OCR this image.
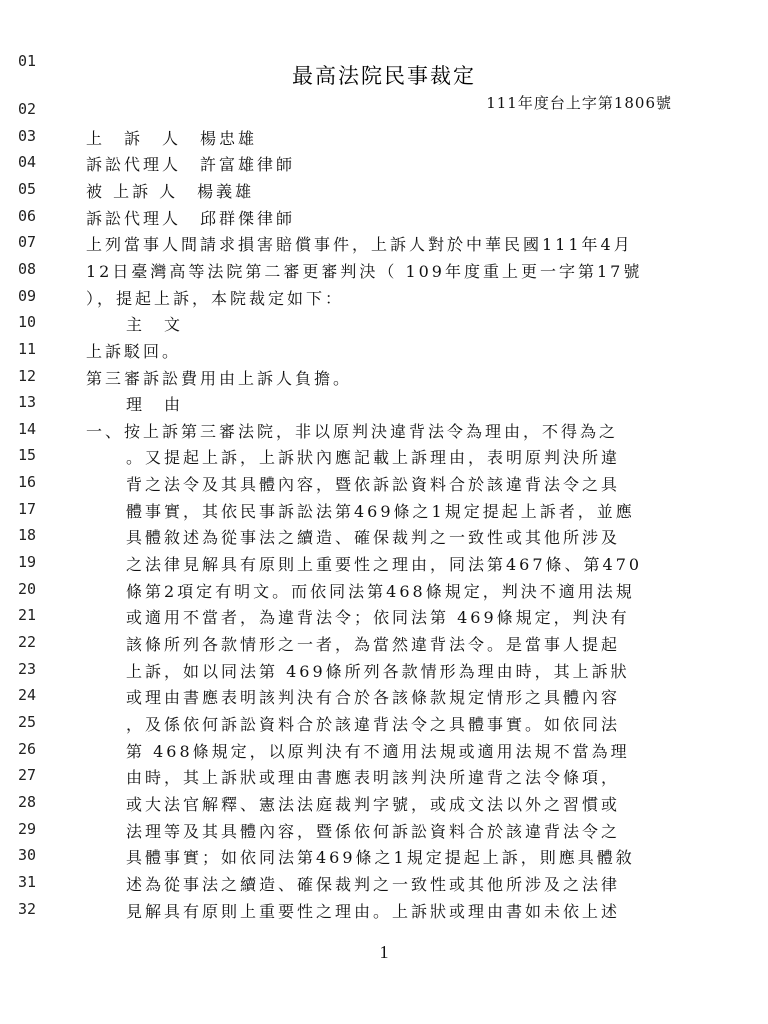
01
02
03
04
05
06
07
08
09
10
11
12
13
14
15
16
17
18
19
20
21
22
23
24
25
26
27
28
29
30
31
32
最高法院民事裁定
111年度台上字第1806號
上　訴　人　楊忠雄
訴訟代理人　許富雄律師
被 上訴 人　楊義雄
訴訟代理人　邱群傑律師
上列當事人間請求損害賠償事件，上訴人對於中華民國111年4月
12日臺灣高等法院第二審更審判決（ 109年度重上更一字第17號
），提起上訴，本院裁定如下：
主　文
上訴駁回。
第三審訴訟費用由上訴人負擔。
理　由
一、按上訴第三審法院，非以原判決違背法令為理由，不得為之
。又提起上訴，上訴狀內應記載上訴理由，表明原判決所違
背之法令及其具體內容，暨依訴訟資料合於該違背法令之具
體事實，其依民事訴訟法第469條之1規定提起上訴者，並應
具體敘述為從事法之續造、確保裁判之一致性或其他所涉及
之法律見解具有原則上重要性之理由，同法第467條、第470
條第2項定有明文。而依同法第468條規定，判決不適用法規
或適用不當者，為違背法令；依同法第 469條規定，判決有
該條所列各款情形之一者，為當然違背法令。是當事人提起
上訴，如以同法第 469條所列各款情形為理由時，其上訴狀
或理由書應表明該判決有合於各該條款規定情形之具體內容
，及係依何訴訟資料合於該違背法令之具體事實。如依同法
第 468條規定，以原判決有不適用法規或適用法規不當為理
由時，其上訴狀或理由書應表明該判決所違背之法令條項，
或大法官解釋、憲法法庭裁判字號，或成文法以外之習慣或
法理等及其具體內容，暨係依何訴訟資料合於該違背法令之
具體事實；如依同法第469條之1規定提起上訴，則應具體敘
述為從事法之續造、確保裁判之一致性或其他所涉及之法律
見解具有原則上重要性之理由。上訴狀或理由書如未依上述
1
